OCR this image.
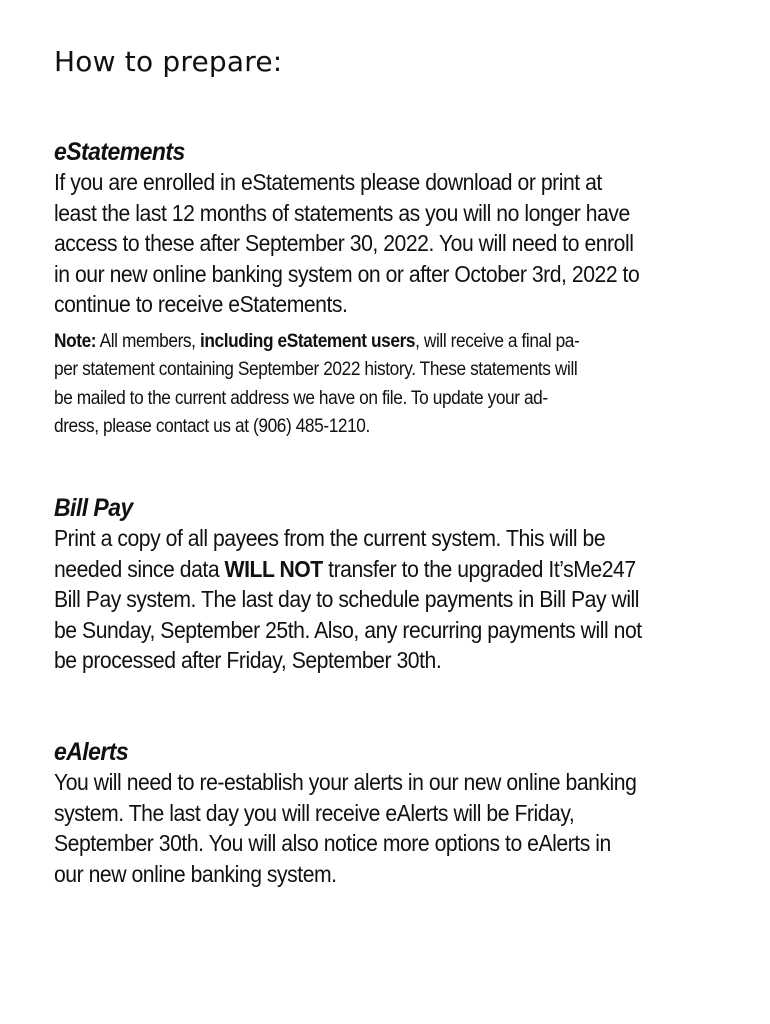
How to prepare:
eStatements

If you are enrolled in eStatements please download or print at
least the last 12 months of statements as you will no longer have
access to these after September 30, 2022. You will need to enroll
in our new online banking system on or after October 3rd, 2022 to
continue to receive eStatements.

Note: All members, including eStatement users, will receive a final pa-
per statement containing September 2022 history. These statements will
be mailed to the current address we have on file. To update your ad-
dress, please contact us at (906) 485-1210.

Bill Pay

Print a copy of all payees from the current system. This will be
needed since data WILL NOT transfer to the upgraded It’sMe247
Bill Pay system. The last day to schedule payments in Bill Pay will
be Sunday, September 25th. Also, any recurring payments will not
be processed after Friday, September 30th.

eAlerts

You will need to re-establish your alerts in our new online banking
system. The last day you will receive eAlerts will be Friday,
September 30th. You will also notice more options to eAlerts in
our new online banking system.
